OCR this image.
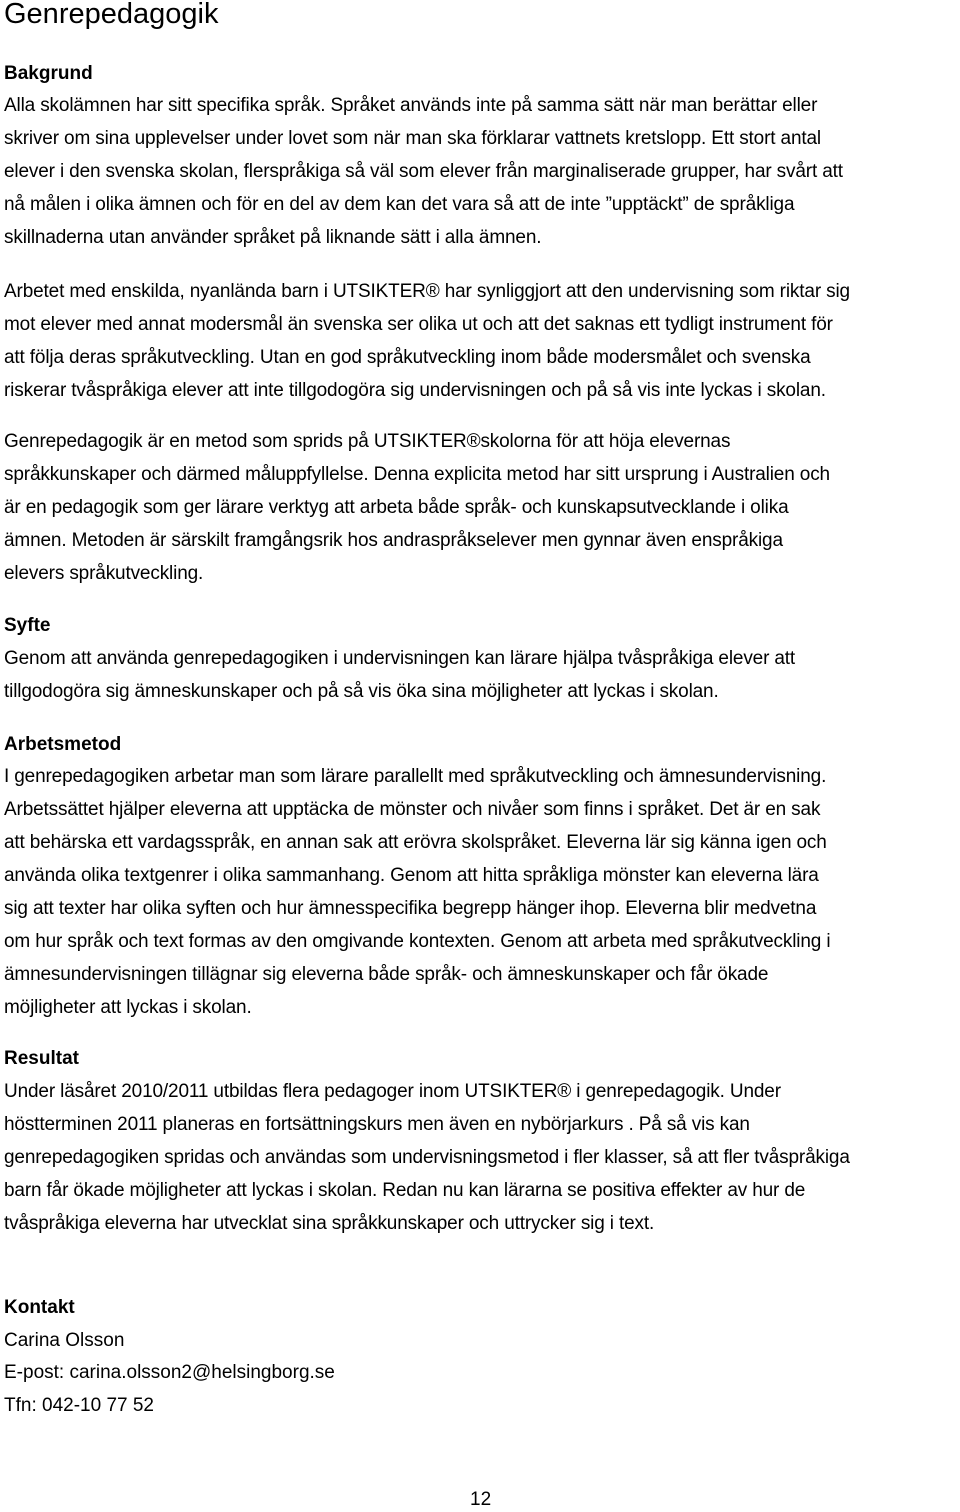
Genrepedagogik
Bakgrund

Alla skolämnen har sitt specifika språk. Språket används inte på samma sätt när man berättar eller
skriver om sina upplevelser under lovet som när man ska förklarar vattnets kretslopp. Ett stort antal
elever i den svenska skolan, flerspråkiga så väl som elever från marginaliserade grupper, har svårt att
nå målen i olika ämnen och för en del av dem kan det vara så att de inte ”upptäckt” de språkliga
skillnaderna utan använder språket på liknande sätt i alla ämnen.

Arbetet med enskilda, nyanlända barn i UTSIKTER® har synliggjort att den undervisning som riktar sig
mot elever med annat modersmål än svenska ser olika ut och att det saknas ett tydligt instrument för
att följa deras språkutveckling. Utan en god språkutveckling inom både modersmålet och svenska
riskerar tvåspråkiga elever att inte tillgodogöra sig undervisningen och på så vis inte lyckas i skolan.

Genrepedagogik är en metod som sprids på UTSIKTER®skolorna för att höja elevernas
språkkunskaper och därmed måluppfyllelse. Denna explicita metod har sitt ursprung i Australien och
är en pedagogik som ger lärare verktyg att arbeta både språk- och kunskapsutvecklande i olika
ämnen. Metoden är särskilt framgångsrik hos andraspråkselever men gynnar även enspråkiga
elevers språkutveckling.

Syfte

Genom att använda genrepedagogiken i undervisningen kan lärare hjälpa tvåspråkiga elever att
tillgodogöra sig ämneskunskaper och på så vis öka sina möjligheter att lyckas i skolan.

Arbetsmetod

I genrepedagogiken arbetar man som lärare parallellt med språkutveckling och ämnesundervisning.
Arbetssättet hjälper eleverna att upptäcka de mönster och nivåer som finns i språket. Det är en sak
att behärska ett vardagsspråk, en annan sak att erövra skolspråket. Eleverna lär sig känna igen och
använda olika textgenrer i olika sammanhang. Genom att hitta språkliga mönster kan eleverna lära
sig att texter har olika syften och hur ämnesspecifika begrepp hänger ihop. Eleverna blir medvetna
om hur språk och text formas av den omgivande kontexten. Genom att arbeta med språkutveckling i
ämnesundervisningen tillägnar sig eleverna både språk- och ämneskunskaper och får ökade
möjligheter att lyckas i skolan.

Resultat

Under läsåret 2010/2011 utbildas flera pedagoger inom UTSIKTER® i genrepedagogik. Under
höstterminen 2011 planeras en fortsättningskurs men även en nybörjarkurs . På så vis kan
genrepedagogiken spridas och användas som undervisningsmetod i fler klasser, så att fler tvåspråkiga
barn får ökade möjligheter att lyckas i skolan. Redan nu kan lärarna se positiva effekter av hur de
tvåspråkiga eleverna har utvecklat sina språkkunskaper och uttrycker sig i text.

Kontakt

Carina Olsson

E-post: carina.olsson2@helsingborg.se

Tfn: 042-10 77 52

12
